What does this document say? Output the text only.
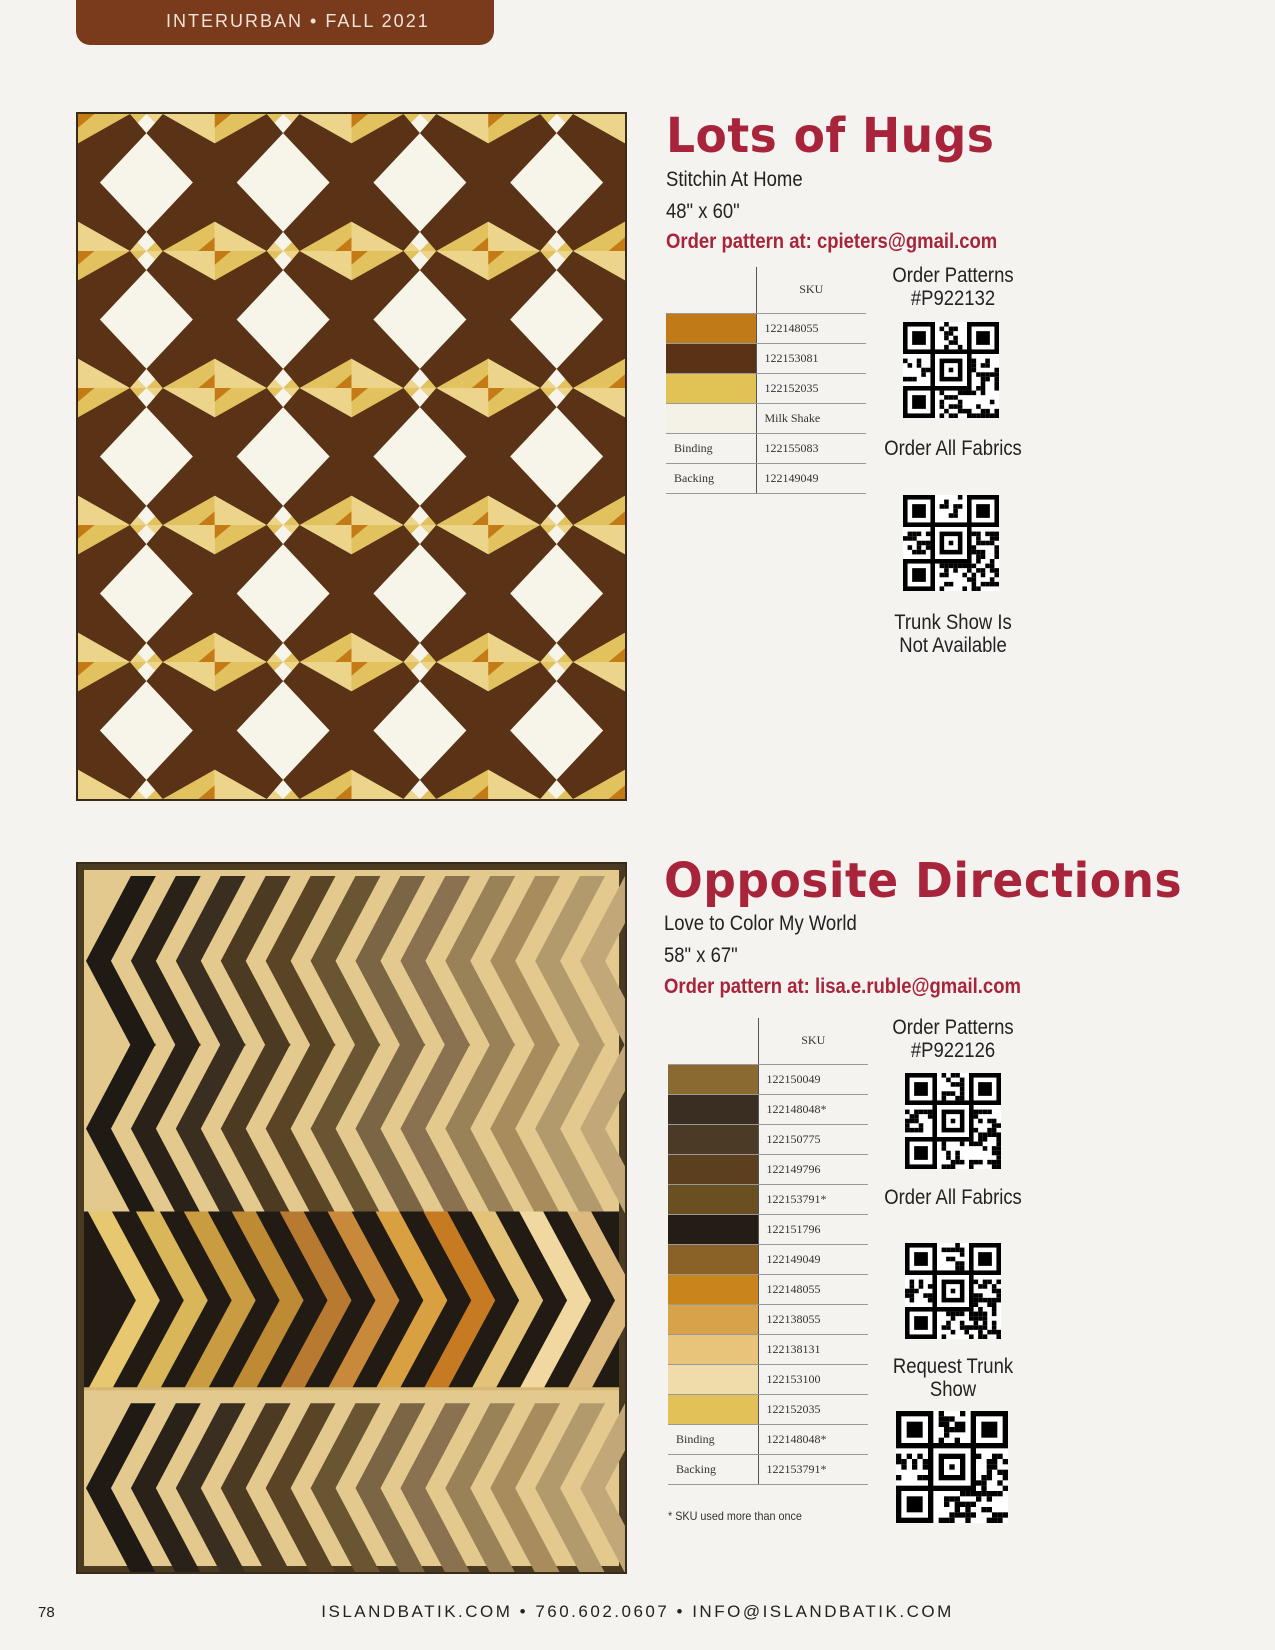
INTERURBAN • FALL 2021
Lots of Hugs
Stitchin At Home
48" x 60"
Order pattern at: cpieters@gmail.com
	SKU
	122148055
	122153081
	122152035
	Milk Shake
Binding	122155083
Backing	122149049
Order Patterns #P922132
Order All Fabrics
Trunk Show Is Not Available
Opposite Directions
Love to Color My World
58" x 67"
Order pattern at: lisa.e.ruble@gmail.com
	SKU
	122150049
	122148048*
	122150775
	122149796
	122153791*
	122151796
	122149049
	122148055
	122138055
	122138131
	122153100
	122152035
Binding	122148048*
Backing	122153791*
* SKU used more than once
Order Patterns #P922126
Order All Fabrics
Request Trunk Show
78	ISLANDBATIK.COM • 760.602.0607 • INFO@ISLANDBATIK.COM
